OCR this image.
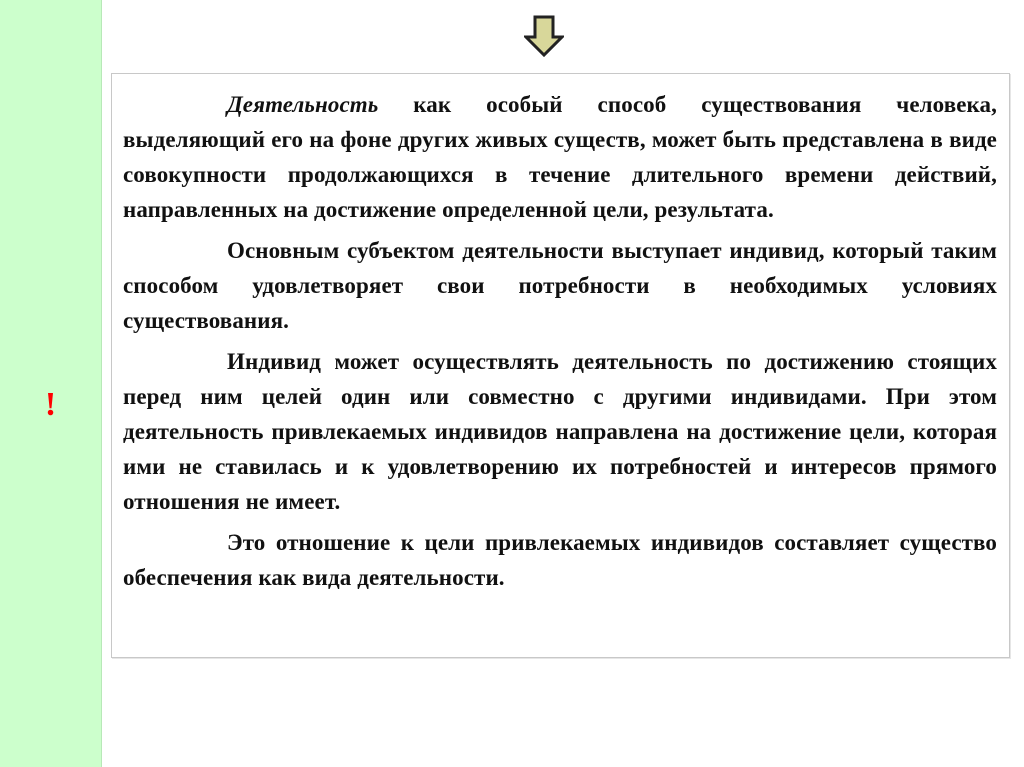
!

Деятельность как особый способ существования человека, выделяющий его на фоне других живых существ, может быть представлена в виде совокупности продолжающихся в течение длительного времени действий, направленных на достижение определенной цели, результата.

Основным субъектом деятельности выступает индивид, который таким способом удовлетворяет свои потребности в необходимых условиях существования.

Индивид может осуществлять деятельность по достижению стоящих перед ним целей один или совместно с другими индивидами. При этом деятельность привлекаемых индивидов направлена на достижение цели, которая ими не ставилась и к удовлетворению их потребностей и интересов прямого отношения не имеет.

Это отношение к цели привлекаемых индивидов составляет существо обеспечения как вида деятельности.
